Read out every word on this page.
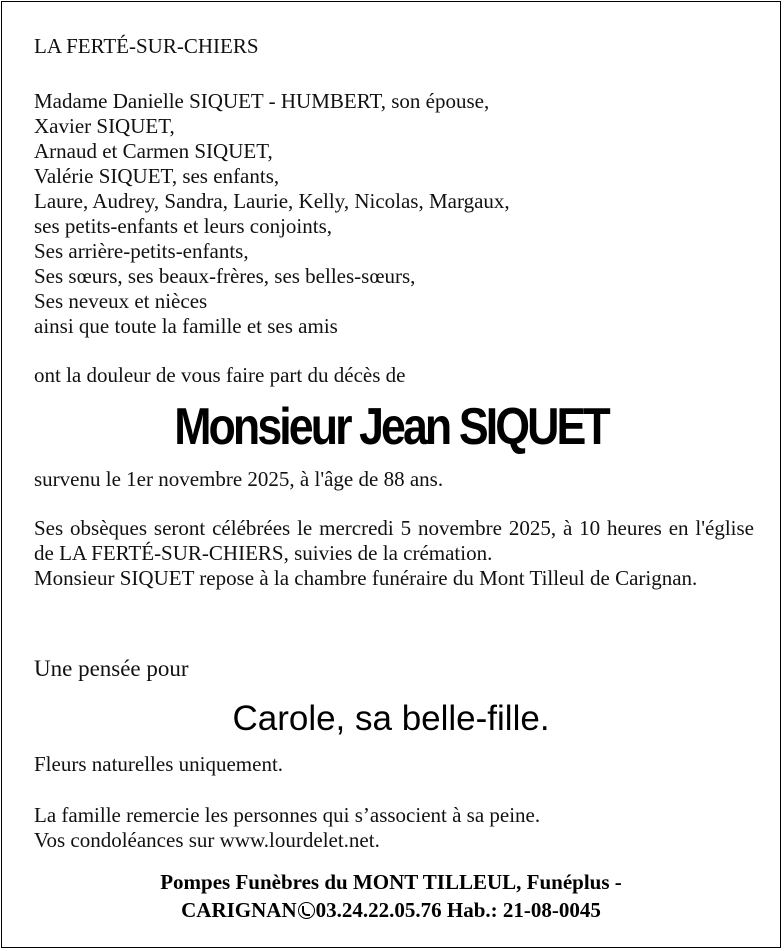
LA FERTÉ-SUR-CHIERS
Madame Danielle SIQUET - HUMBERT, son épouse,
Xavier SIQUET,
Arnaud et Carmen SIQUET,
Valérie SIQUET, ses enfants,
Laure, Audrey, Sandra, Laurie, Kelly, Nicolas, Margaux,
ses petits-enfants et leurs conjoints,
Ses arrière-petits-enfants,
Ses sœurs, ses beaux-frères, ses belles-sœurs,
Ses neveux et nièces
ainsi que toute la famille et ses amis
ont la douleur de vous faire part du décès de
Monsieur Jean SIQUET
survenu le 1er novembre 2025, à l'âge de 88 ans.
Ses obsèques seront célébrées le mercredi 5 novembre 2025, à 10 heures en l'église de LA FERTÉ-SUR-CHIERS, suivies de la crémation.
Monsieur SIQUET repose à la chambre funéraire du Mont Tilleul de Carignan.
Une pensée pour
Carole, sa belle-fille.
Fleurs naturelles uniquement.
La famille remercie les personnes qui s’associent à sa peine.
Vos condoléances sur www.lourdelet.net.
Pompes Funèbres du MONT TILLEUL, Funéplus -
CARIGNAN 03.24.22.05.76 Hab.: 21-08-0045
